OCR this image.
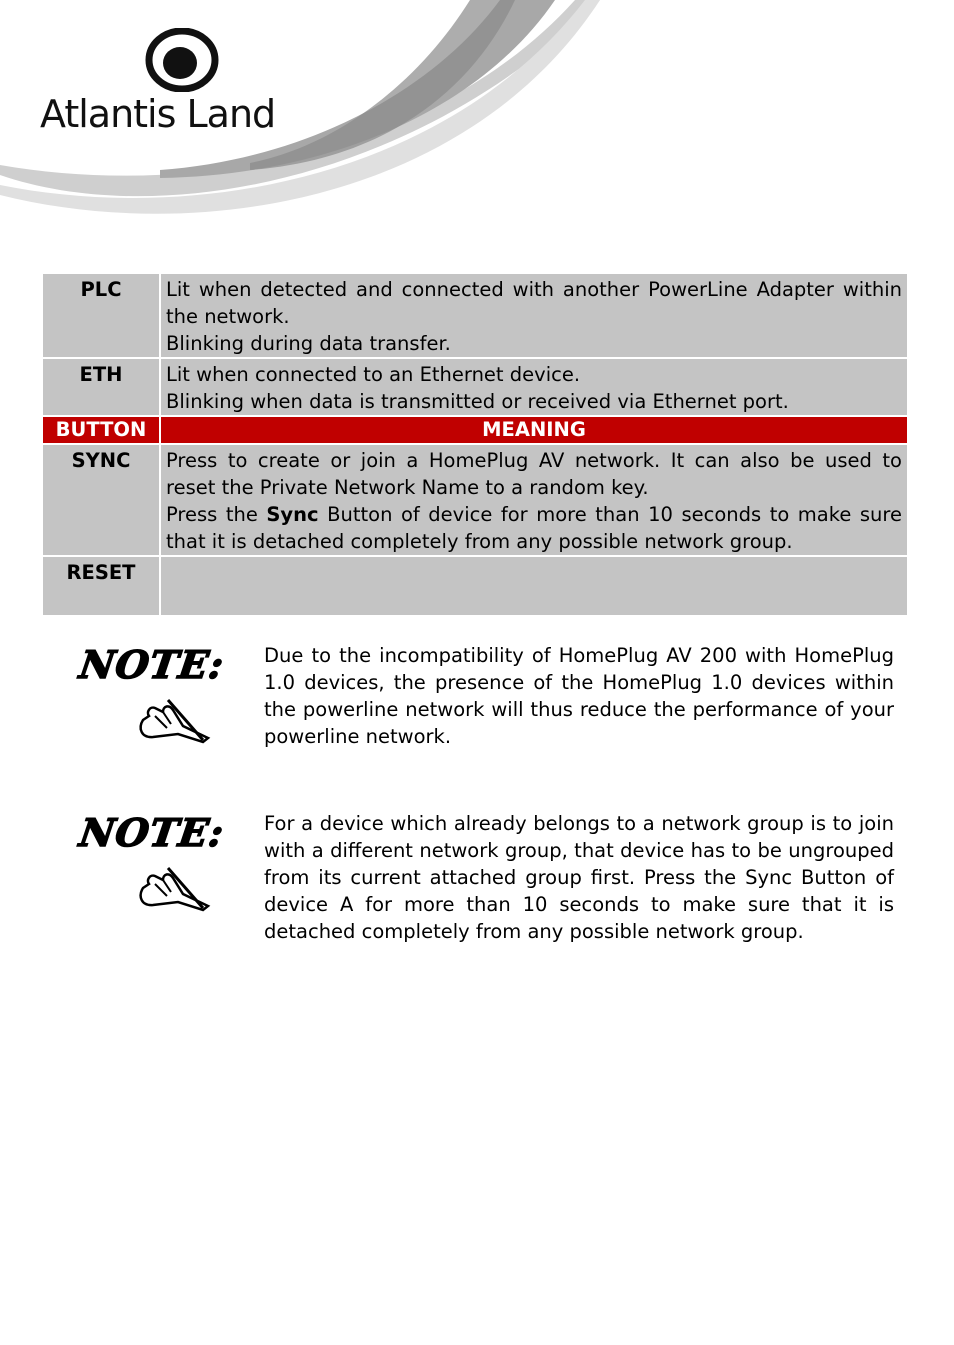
Atlantis Land
PLC	Lit when detected and connected with another PowerLine Adapter within
the network.
Blinking during data transfer.

ETH	Lit when connected to an Ethernet device.
Blinking when data is transmitted or received via Ethernet port.

BUTTON	MEANING
SYNC	Press to create or join a HomePlug AV network. It can also be used to
reset the Private Network Name to a random key.
Press the Sync Button of device for more than 10 seconds to make sure
that it is detached completely from any possible network group.

RESET	
NOTE: Due to the incompatibility of HomePlug AV 200 with HomePlug 1.0 devices, the presence of the HomePlug 1.0 devices within the powerline network will thus reduce the performance of your powerline network.
NOTE: For a device which already belongs to a network group is to join with a different network group, that device has to be ungrouped from its current attached group first. Press the Sync Button of device A for more than 10 seconds to make sure that it is detached completely from any possible network group.
